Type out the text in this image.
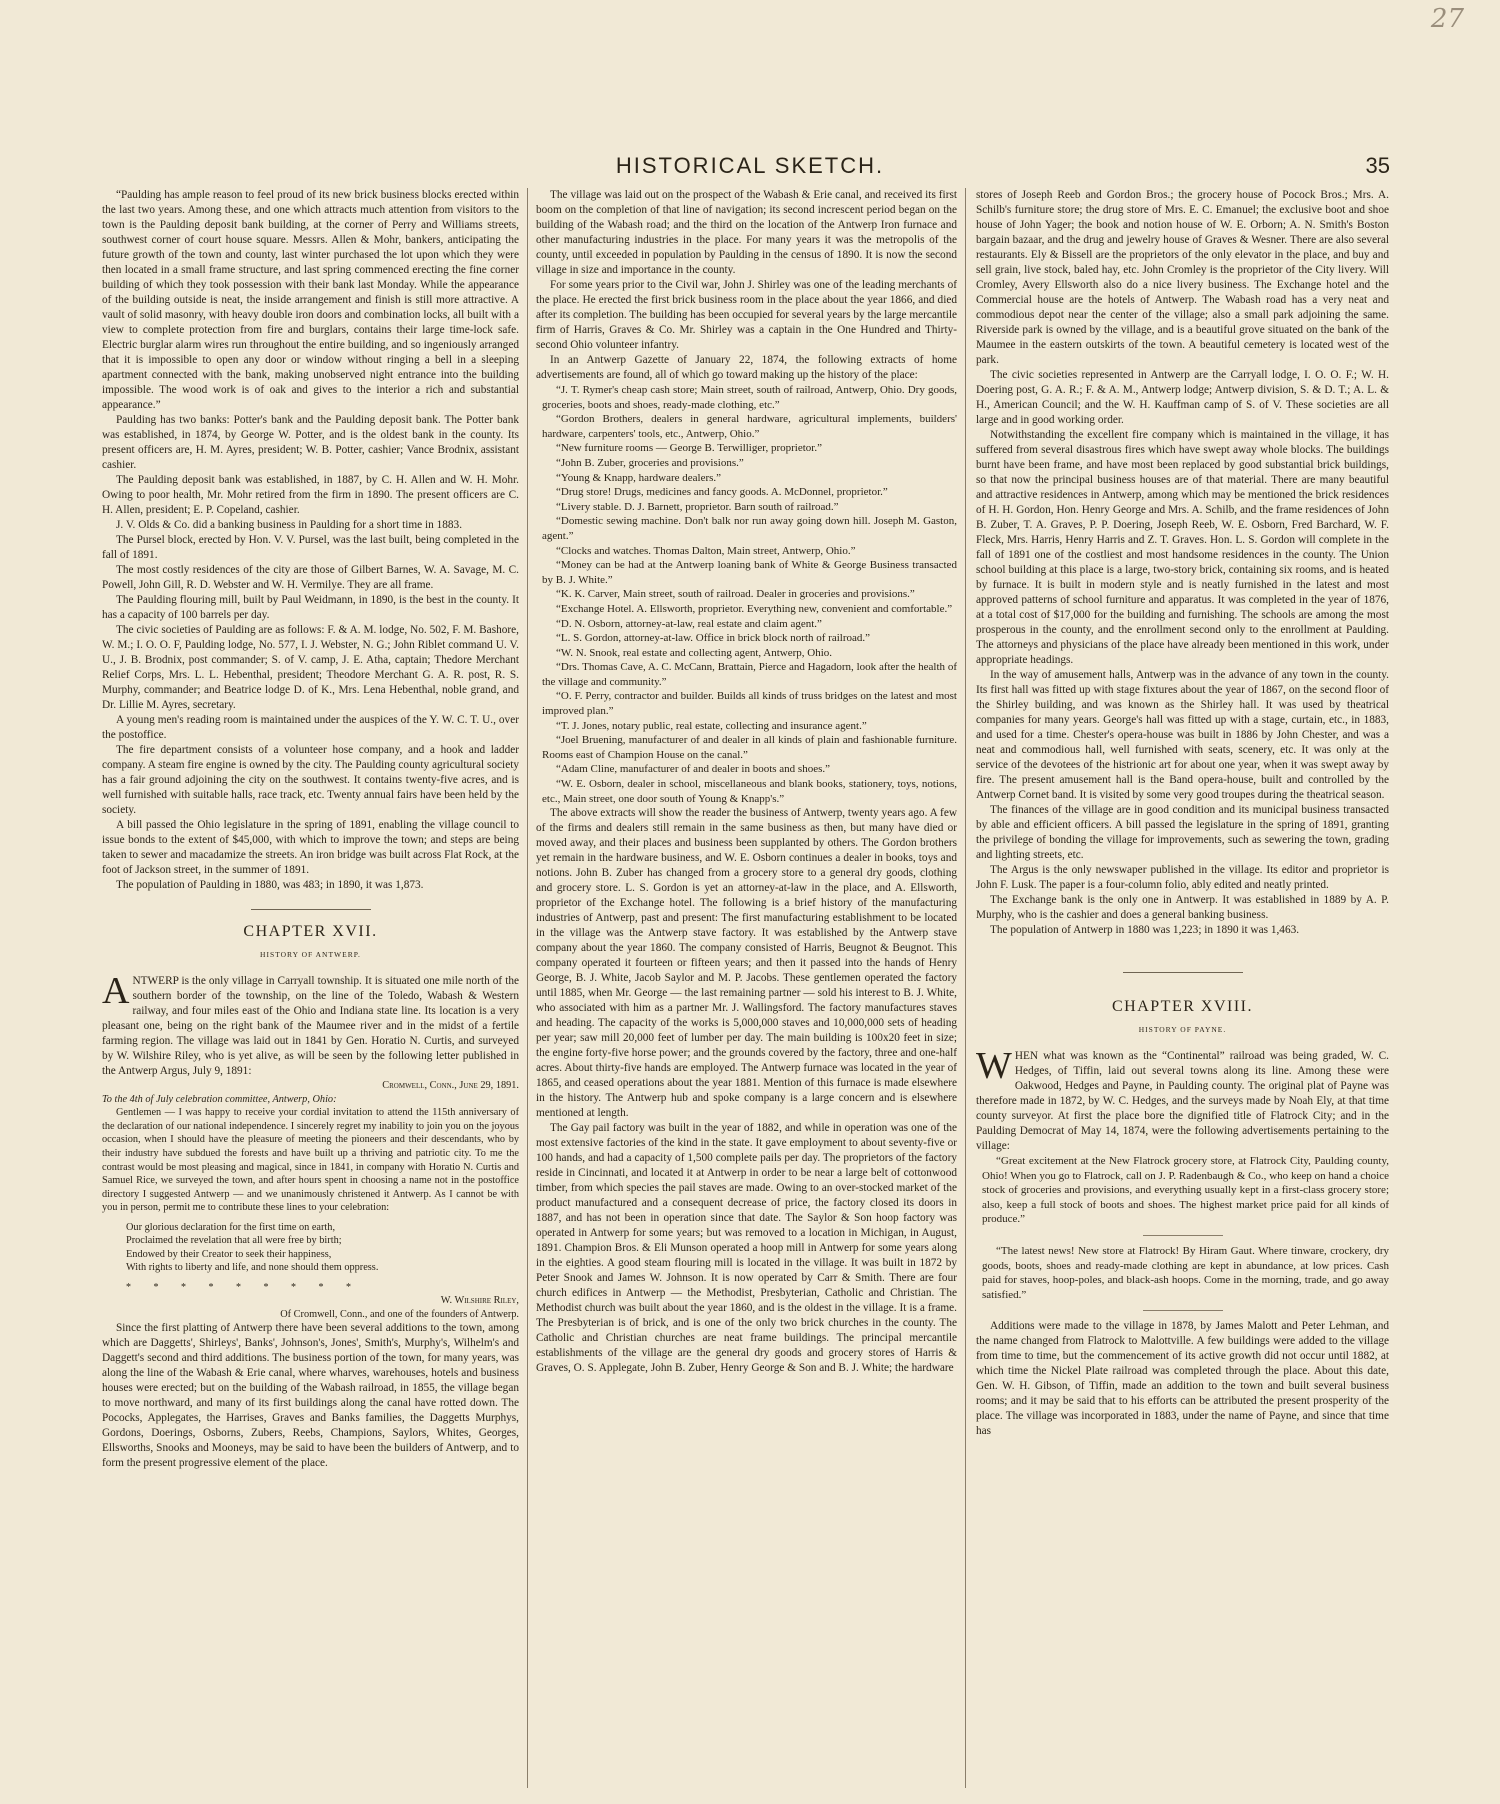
27
HISTORICAL SKETCH.	35

“Paulding has ample reason to feel proud of its new brick business blocks erected within the last two years. Among these, and one which attracts much attention from visitors to the town is the Paulding deposit bank building, at the corner of Perry and Williams streets, southwest corner of court house square. Messrs. Allen & Mohr, bankers, anticipating the future growth of the town and county, last winter purchased the lot upon which they were then located in a small frame structure, and last spring commenced erecting the fine corner building of which they took possession with their bank last Monday. While the appearance of the building outside is neat, the inside arrangement and finish is still more attractive. A vault of solid masonry, with heavy double iron doors and combination locks, all built with a view to complete protection from fire and burglars, contains their large time-lock safe. Electric burglar alarm wires run throughout the entire building, and so ingeniously arranged that it is impossible to open any door or window without ringing a bell in a sleeping apartment connected with the bank, making unobserved night entrance into the building impossible. The wood work is of oak and gives to the interior a rich and substantial appearance.”

Paulding has two banks: Potter's bank and the Paulding deposit bank. The Potter bank was established, in 1874, by George W. Potter, and is the oldest bank in the county. Its present officers are, H. M. Ayres, president; W. B. Potter, cashier; Vance Brodnix, assistant cashier.

The Paulding deposit bank was established, in 1887, by C. H. Allen and W. H. Mohr. Owing to poor health, Mr. Mohr retired from the firm in 1890. The present officers are C. H. Allen, president; E. P. Copeland, cashier.

J. V. Olds & Co. did a banking business in Paulding for a short time in 1883.

The Pursel block, erected by Hon. V. V. Pursel, was the last built, being completed in the fall of 1891.

The most costly residences of the city are those of Gilbert Barnes, W. A. Savage, M. C. Powell, John Gill, R. D. Webster and W. H. Vermilye. They are all frame.

The Paulding flouring mill, built by Paul Weidmann, in 1890, is the best in the county. It has a capacity of 100 barrels per day.

The civic societies of Paulding are as follows: F. & A. M. lodge, No. 502, F. M. Bashore, W. M.; I. O. O. F, Paulding lodge, No. 577, I. J. Webster, N. G.; John Riblet command U. V. U., J. B. Brodnix, post commander; S. of V. camp, J. E. Atha, captain; Thedore Merchant Relief Corps, Mrs. L. L. Hebenthal, president; Theodore Merchant G. A. R. post, R. S. Murphy, commander; and Beatrice lodge D. of K., Mrs. Lena Hebenthal, noble grand, and Dr. Lillie M. Ayres, secretary.

A young men's reading room is maintained under the auspices of the Y. W. C. T. U., over the postoffice.

The fire department consists of a volunteer hose company, and a hook and ladder company. A steam fire engine is owned by the city. The Paulding county agricultural society has a fair ground adjoining the city on the southwest. It contains twenty-five acres, and is well furnished with suitable halls, race track, etc. Twenty annual fairs have been held by the society.

A bill passed the Ohio legislature in the spring of 1891, enabling the village council to issue bonds to the extent of $45,000, with which to improve the town; and steps are being taken to sewer and macadamize the streets. An iron bridge was built across Flat Rock, at the foot of Jackson street, in the summer of 1891.

The population of Paulding in 1880, was 483; in 1890, it was 1,873.

CHAPTER XVII.
HISTORY OF ANTWERP.

ANTWERP is the only village in Carryall township. It is situated one mile north of the southern border of the township, on the line of the Toledo, Wabash & Western railway, and four miles east of the Ohio and Indiana state line. Its location is a very pleasant one, being on the right bank of the Maumee river and in the midst of a fertile farming region. The village was laid out in 1841 by Gen. Horatio N. Curtis, and surveyed by W. Wilshire Riley, who is yet alive, as will be seen by the following letter published in the Antwerp Argus, July 9, 1891:

Cromwell, Conn., June 29, 1891.
To the 4th of July celebration committee, Antwerp, Ohio:

Gentlemen — I was happy to receive your cordial invitation to attend the 115th anniversary of the declaration of our national independence. I sincerely regret my inability to join you on the joyous occasion, when I should have the pleasure of meeting the pioneers and their descendants, who by their industry have subdued the forests and have built up a thriving and patriotic city. To me the contrast would be most pleasing and magical, since in 1841, in company with Horatio N. Curtis and Samuel Rice, we surveyed the town, and after hours spent in choosing a name not in the postoffice directory I suggested Antwerp — and we unanimously christened it Antwerp. As I cannot be with you in person, permit me to contribute these lines to your celebration:

Our glorious declaration for the first time on earth,
Proclaimed the revelation that all were free by birth;
Endowed by their Creator to seek their happiness,
With rights to liberty and life, and none should them oppress.
* * * * * * * * *
W. Wilshire Riley,
Of Cromwell, Conn., and one of the founders of Antwerp.

Since the first platting of Antwerp there have been several additions to the town, among which are Daggetts', Shirleys', Banks', Johnson's, Jones', Smith's, Murphy's, Wilhelm's and Daggett's second and third additions. The business portion of the town, for many years, was along the line of the Wabash & Erie canal, where wharves, warehouses, hotels and business houses were erected; but on the building of the Wabash railroad, in 1855, the village began to move northward, and many of its first buildings along the canal have rotted down. The Pococks, Applegates, the Harrises, Graves and Banks families, the Daggetts Murphys, Gordons, Doerings, Osborns, Zubers, Reebs, Champions, Saylors, Whites, Georges, Ellsworths, Snooks and Mooneys, may be said to have been the builders of Antwerp, and to form the present progressive element of the place.

The village was laid out on the prospect of the Wabash & Erie canal, and received its first boom on the completion of that line of navigation; its second increscent period began on the building of the Wabash road; and the third on the location of the Antwerp Iron furnace and other manufacturing industries in the place. For many years it was the metropolis of the county, until exceeded in population by Paulding in the census of 1890. It is now the second village in size and importance in the county.

For some years prior to the Civil war, John J. Shirley was one of the leading merchants of the place. He erected the first brick business room in the place about the year 1866, and died after its completion. The building has been occupied for several years by the large mercantile firm of Harris, Graves & Co. Mr. Shirley was a captain in the One Hundred and Thirty-second Ohio volunteer infantry.

In an Antwerp Gazette of January 22, 1874, the following extracts of home advertisements are found, all of which go toward making up the history of the place:

“J. T. Rymer's cheap cash store; Main street, south of railroad, Antwerp, Ohio. Dry goods, groceries, boots and shoes, ready-made clothing, etc.”

“Gordon Brothers, dealers in general hardware, agricultural implements, builders' hardware, carpenters' tools, etc., Antwerp, Ohio.”

“New furniture rooms — George B. Terwilliger, proprietor.”

“John B. Zuber, groceries and provisions.”

“Young & Knapp, hardware dealers.”

“Drug store! Drugs, medicines and fancy goods. A. McDonnel, proprietor.”

“Livery stable. D. J. Barnett, proprietor. Barn south of railroad.”

“Domestic sewing machine. Don't balk nor run away going down hill. Joseph M. Gaston, agent.”

“Clocks and watches. Thomas Dalton, Main street, Antwerp, Ohio.”

“Money can be had at the Antwerp loaning bank of White & George Business transacted by B. J. White.”

“K. K. Carver, Main street, south of railroad. Dealer in groceries and provisions.”

“Exchange Hotel. A. Ellsworth, proprietor. Everything new, convenient and comfortable.”

“D. N. Osborn, attorney-at-law, real estate and claim agent.”

“L. S. Gordon, attorney-at-law. Office in brick block north of railroad.”

“W. N. Snook, real estate and collecting agent, Antwerp, Ohio.

“Drs. Thomas Cave, A. C. McCann, Brattain, Pierce and Hagadorn, look after the health of the village and community.”

“O. F. Perry, contractor and builder. Builds all kinds of truss bridges on the latest and most improved plan.”

“T. J. Jones, notary public, real estate, collecting and insurance agent.”

“Joel Bruening, manufacturer of and dealer in all kinds of plain and fashionable furniture. Rooms east of Champion House on the canal.”

“Adam Cline, manufacturer of and dealer in boots and shoes.”

“W. E. Osborn, dealer in school, miscellaneous and blank books, stationery, toys, notions, etc., Main street, one door south of Young & Knapp's.”

The above extracts will show the reader the business of Antwerp, twenty years ago. A few of the firms and dealers still remain in the same business as then, but many have died or moved away, and their places and business been supplanted by others. The Gordon brothers yet remain in the hardware business, and W. E. Osborn continues a dealer in books, toys and notions. John B. Zuber has changed from a grocery store to a general dry goods, clothing and grocery store. L. S. Gordon is yet an attorney-at-law in the place, and A. Ellsworth, proprietor of the Exchange hotel. The following is a brief history of the manufacturing industries of Antwerp, past and present: The first manufacturing establishment to be located in the village was the Antwerp stave factory. It was established by the Antwerp stave company about the year 1860. The company consisted of Harris, Beugnot & Beugnot. This company operated it fourteen or fifteen years; and then it passed into the hands of Henry George, B. J. White, Jacob Saylor and M. P. Jacobs. These gentlemen operated the factory until 1885, when Mr. George — the last remaining partner — sold his interest to B. J. White, who associated with him as a partner Mr. J. Wallingsford. The factory manufactures staves and heading. The capacity of the works is 5,000,000 staves and 10,000,000 sets of heading per year; saw mill 20,000 feet of lumber per day. The main building is 100x20 feet in size; the engine forty-five horse power; and the grounds covered by the factory, three and one-half acres. About thirty-five hands are employed. The Antwerp furnace was located in the year of 1865, and ceased operations about the year 1881. Mention of this furnace is made elsewhere in the history. The Antwerp hub and spoke company is a large concern and is elsewhere mentioned at length.

The Gay pail factory was built in the year of 1882, and while in operation was one of the most extensive factories of the kind in the state. It gave employment to about seventy-five or 100 hands, and had a capacity of 1,500 complete pails per day. The proprietors of the factory reside in Cincinnati, and located it at Antwerp in order to be near a large belt of cottonwood timber, from which species the pail staves are made. Owing to an over-stocked market of the product manufactured and a consequent decrease of price, the factory closed its doors in 1887, and has not been in operation since that date. The Saylor & Son hoop factory was operated in Antwerp for some years; but was removed to a location in Michigan, in August, 1891. Champion Bros. & Eli Munson operated a hoop mill in Antwerp for some years along in the eighties. A good steam flouring mill is located in the village. It was built in 1872 by Peter Snook and James W. Johnson. It is now operated by Carr & Smith. There are four church edifices in Antwerp — the Methodist, Presbyterian, Catholic and Christian. The Methodist church was built about the year 1860, and is the oldest in the village. It is a frame. The Presbyterian is of brick, and is one of the only two brick churches in the county. The Catholic and Christian churches are neat frame buildings. The principal mercantile establishments of the village are the general dry goods and grocery stores of Harris & Graves, O. S. Applegate, John B. Zuber, Henry George & Son and B. J. White; the hardware

stores of Joseph Reeb and Gordon Bros.; the grocery house of Pocock Bros.; Mrs. A. Schilb's furniture store; the drug store of Mrs. E. C. Emanuel; the exclusive boot and shoe house of John Yager; the book and notion house of W. E. Orborn; A. N. Smith's Boston bargain bazaar, and the drug and jewelry house of Graves & Wesner. There are also several restaurants. Ely & Bissell are the proprietors of the only elevator in the place, and buy and sell grain, live stock, baled hay, etc. John Cromley is the proprietor of the City livery. Will Cromley, Avery Ellsworth also do a nice livery business. The Exchange hotel and the Commercial house are the hotels of Antwerp. The Wabash road has a very neat and commodious depot near the center of the village; also a small park adjoining the same. Riverside park is owned by the village, and is a beautiful grove situated on the bank of the Maumee in the eastern outskirts of the town. A beautiful cemetery is located west of the park.

The civic societies represented in Antwerp are the Carryall lodge, I. O. O. F.; W. H. Doering post, G. A. R.; F. & A. M., Antwerp lodge; Antwerp division, S. & D. T.; A. L. & H., American Council; and the W. H. Kauffman camp of S. of V. These societies are all large and in good working order.

Notwithstanding the excellent fire company which is maintained in the village, it has suffered from several disastrous fires which have swept away whole blocks. The buildings burnt have been frame, and have most been replaced by good substantial brick buildings, so that now the principal business houses are of that material. There are many beautiful and attractive residences in Antwerp, among which may be mentioned the brick residences of H. H. Gordon, Hon. Henry George and Mrs. A. Schilb, and the frame residences of John B. Zuber, T. A. Graves, P. P. Doering, Joseph Reeb, W. E. Osborn, Fred Barchard, W. F. Fleck, Mrs. Harris, Henry Harris and Z. T. Graves. Hon. L. S. Gordon will complete in the fall of 1891 one of the costliest and most handsome residences in the county. The Union school building at this place is a large, two-story brick, containing six rooms, and is heated by furnace. It is built in modern style and is neatly furnished in the latest and most approved patterns of school furniture and apparatus. It was completed in the year of 1876, at a total cost of $17,000 for the building and furnishing. The schools are among the most prosperous in the county, and the enrollment second only to the enrollment at Paulding. The attorneys and physicians of the place have already been mentioned in this work, under appropriate headings.

In the way of amusement halls, Antwerp was in the advance of any town in the county. Its first hall was fitted up with stage fixtures about the year of 1867, on the second floor of the Shirley building, and was known as the Shirley hall. It was used by theatrical companies for many years. George's hall was fitted up with a stage, curtain, etc., in 1883, and used for a time. Chester's opera-house was built in 1886 by John Chester, and was a neat and commodious hall, well furnished with seats, scenery, etc. It was only at the service of the devotees of the histrionic art for about one year, when it was swept away by fire. The present amusement hall is the Band opera-house, built and controlled by the Antwerp Cornet band. It is visited by some very good troupes during the theatrical season.

The finances of the village are in good condition and its municipal business transacted by able and efficient officers. A bill passed the legislature in the spring of 1891, granting the privilege of bonding the village for improvements, such as sewering the town, grading and lighting streets, etc.

The Argus is the only newswaper published in the village. Its editor and proprietor is John F. Lusk. The paper is a four-column folio, ably edited and neatly printed.

The Exchange bank is the only one in Antwerp. It was established in 1889 by A. P. Murphy, who is the cashier and does a general banking business.

The population of Antwerp in 1880 was 1,223; in 1890 it was 1,463.

CHAPTER XVIII.
HISTORY OF PAYNE.

WHEN what was known as the “Continental” railroad was being graded, W. C. Hedges, of Tiffin, laid out several towns along its line. Among these were Oakwood, Hedges and Payne, in Paulding county. The original plat of Payne was therefore made in 1872, by W. C. Hedges, and the surveys made by Noah Ely, at that time county surveyor. At first the place bore the dignified title of Flatrock City; and in the Paulding Democrat of May 14, 1874, were the following advertisements pertaining to the village:

“Great excitement at the New Flatrock grocery store, at Flatrock City, Paulding county, Ohio! When you go to Flatrock, call on J. P. Radenbaugh & Co., who keep on hand a choice stock of groceries and provisions, and everything usually kept in a first-class grocery store; also, keep a full stock of boots and shoes. The highest market price paid for all kinds of produce.”

“The latest news! New store at Flatrock! By Hiram Gaut. Where tinware, crockery, dry goods, boots, shoes and ready-made clothing are kept in abundance, at low prices. Cash paid for staves, hoop-poles, and black-ash hoops. Come in the morning, trade, and go away satisfied.”

Additions were made to the village in 1878, by James Malott and Peter Lehman, and the name changed from Flatrock to Malottville. A few buildings were added to the village from time to time, but the commencement of its active growth did not occur until 1882, at which time the Nickel Plate railroad was completed through the place. About this date, Gen. W. H. Gibson, of Tiffin, made an addition to the town and built several business rooms; and it may be said that to his efforts can be attributed the present prosperity of the place. The village was incorporated in 1883, under the name of Payne, and since that time has
